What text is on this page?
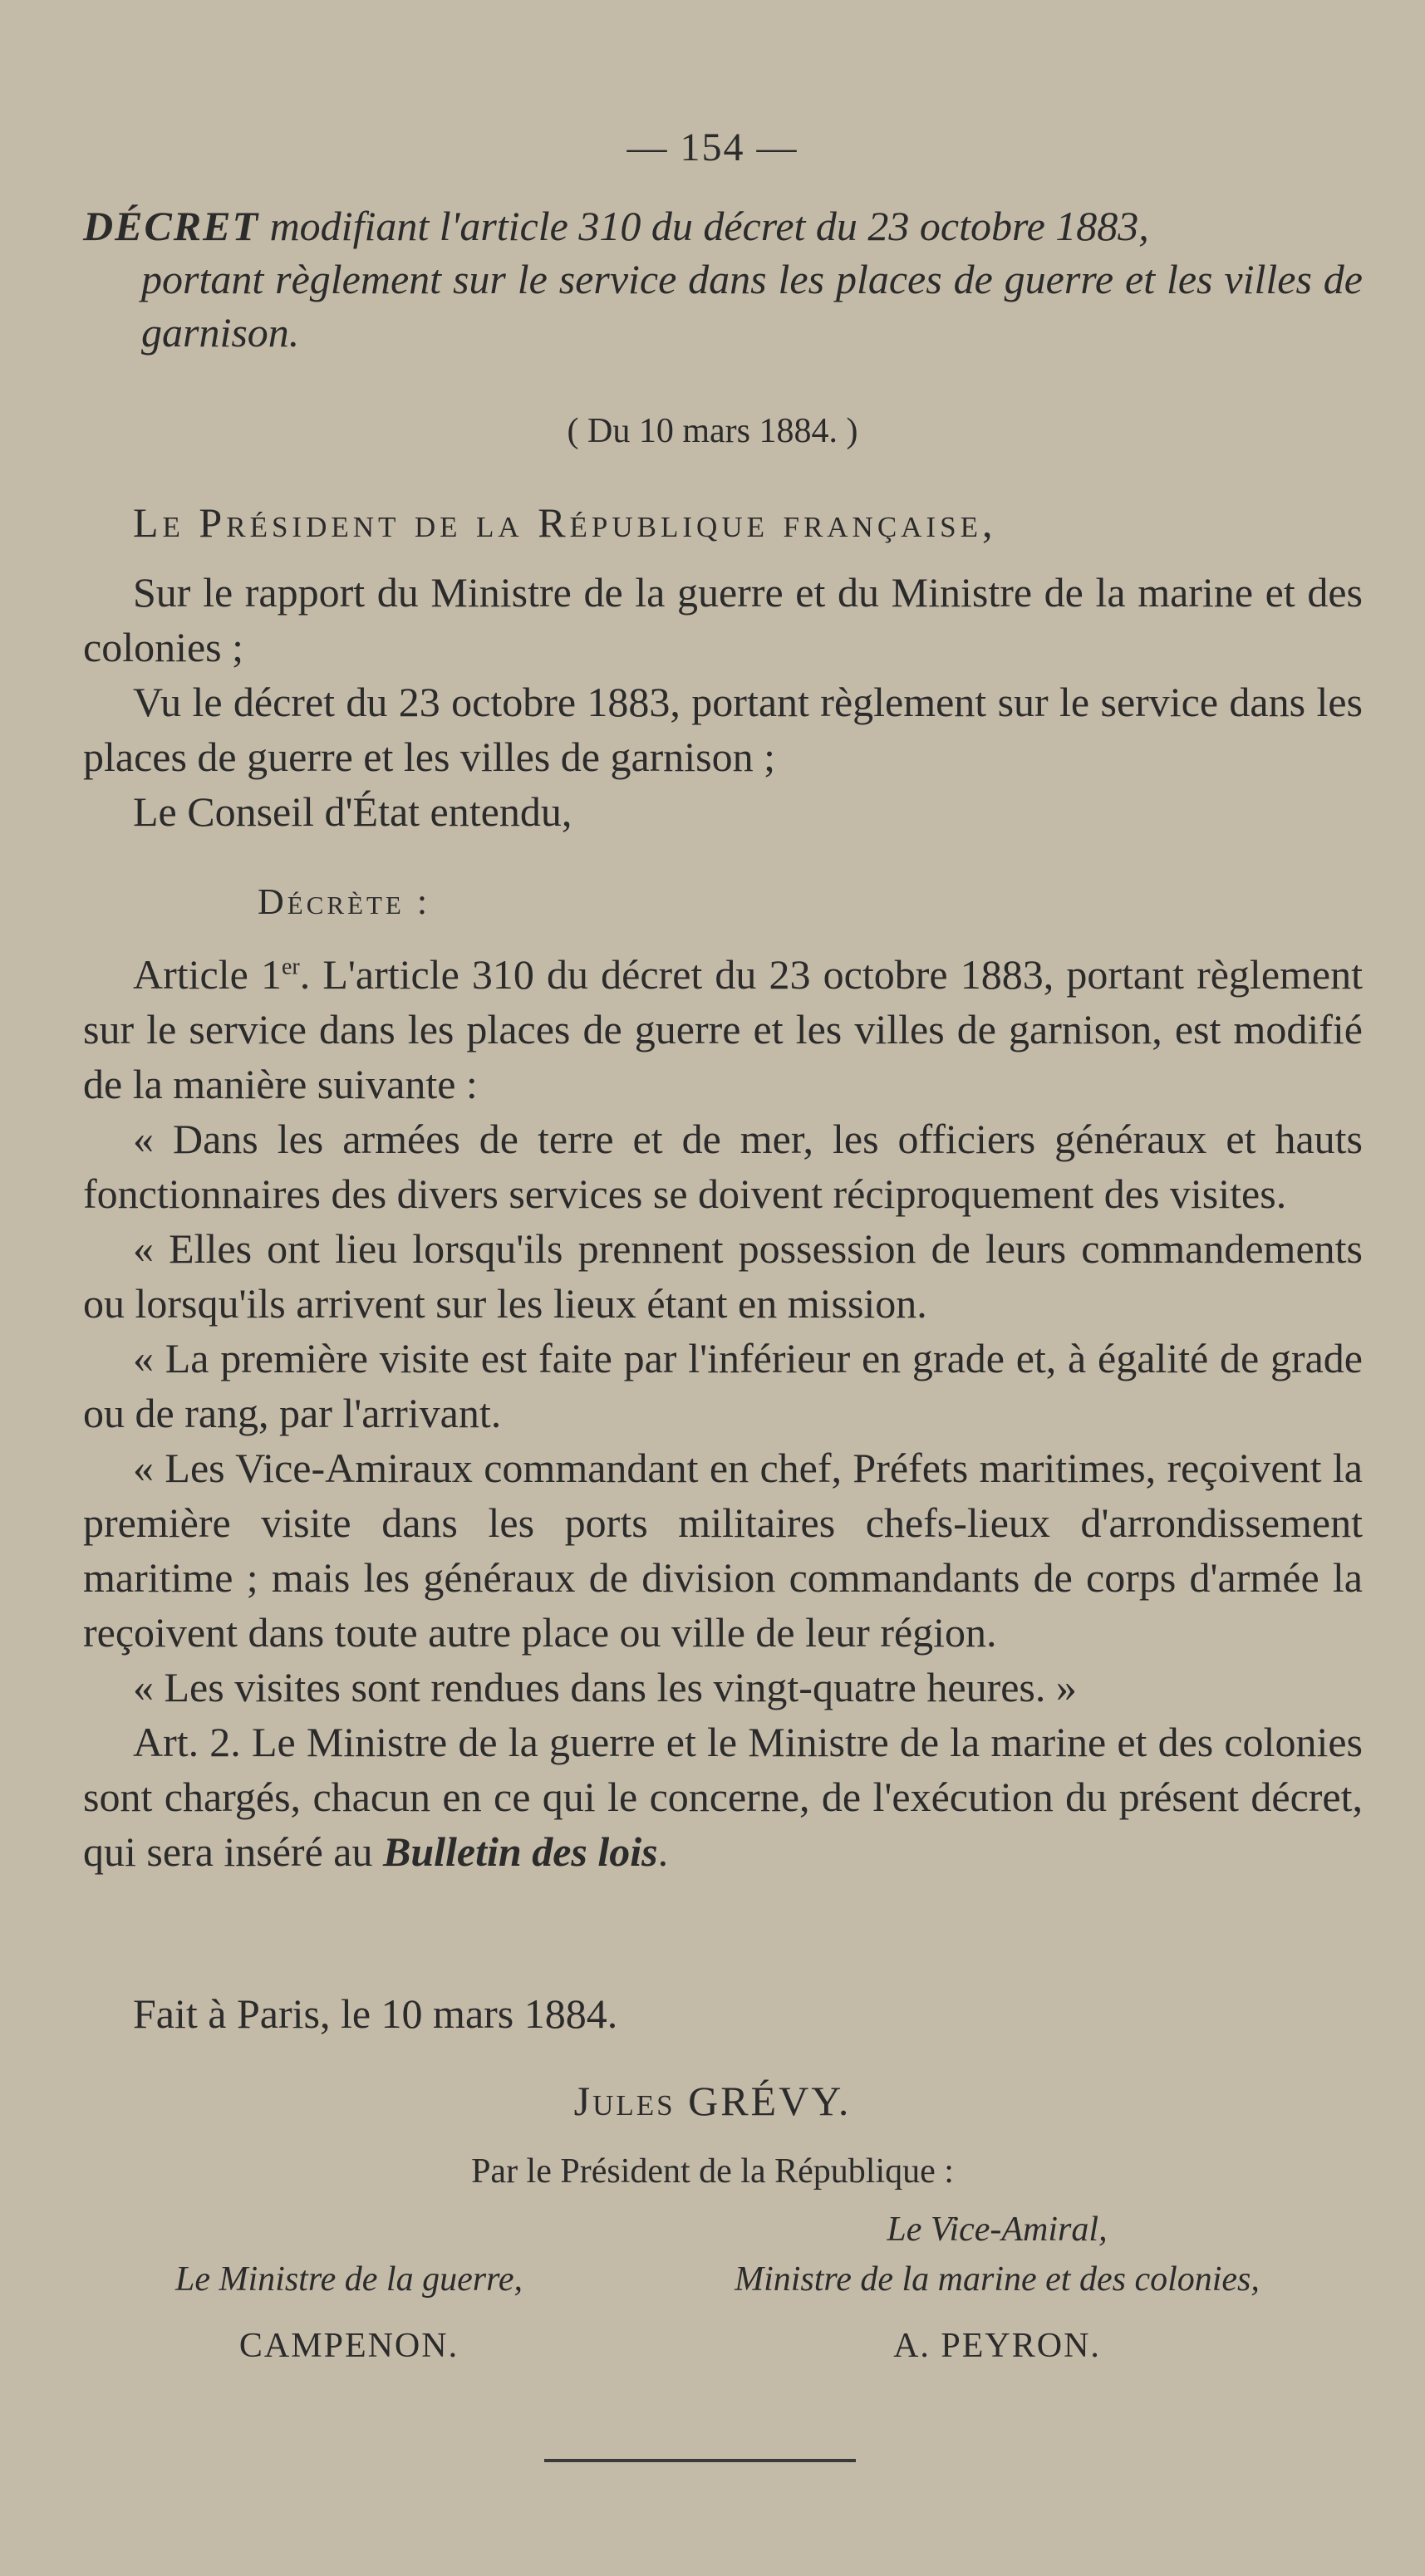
— 154 —
DÉCRET modifiant l'article 310 du décret du 23 octobre 1883,
portant règlement sur le service dans les places de guerre et les villes de garnison.
( Du 10 mars 1884. )
Le Président de la République française,

Sur le rapport du Ministre de la guerre et du Ministre de la marine et des colonies ;

Vu le décret du 23 octobre 1883, portant règlement sur le service dans les places de guerre et les villes de garnison ;

Le Conseil d'État entendu,

Décrète :

Article 1er. L'article 310 du décret du 23 octobre 1883, portant règlement sur le service dans les places de guerre et les villes de garnison, est modifié de la manière suivante :

« Dans les armées de terre et de mer, les officiers généraux et hauts fonctionnaires des divers services se doivent réciproquement des visites.

« Elles ont lieu lorsqu'ils prennent possession de leurs commandements ou lorsqu'ils arrivent sur les lieux étant en mission.

« La première visite est faite par l'inférieur en grade et, à égalité de grade ou de rang, par l'arrivant.

« Les Vice-Amiraux commandant en chef, Préfets maritimes, reçoivent la première visite dans les ports militaires chefs-lieux d'arrondissement maritime ; mais les généraux de division commandants de corps d'armée la reçoivent dans toute autre place ou ville de leur région.

« Les visites sont rendues dans les vingt-quatre heures. »

Art. 2. Le Ministre de la guerre et le Ministre de la marine et des colonies sont chargés, chacun en ce qui le concerne, de l'exécution du présent décret, qui sera inséré au Bulletin des lois.

Fait à Paris, le 10 mars 1884.
Jules GRÉVY.
Par le Président de la République :
Le Vice-Amiral,
Le Ministre de la guerre,	Ministre de la marine et des colonies,
CAMPENON.	A. PEYRON.
